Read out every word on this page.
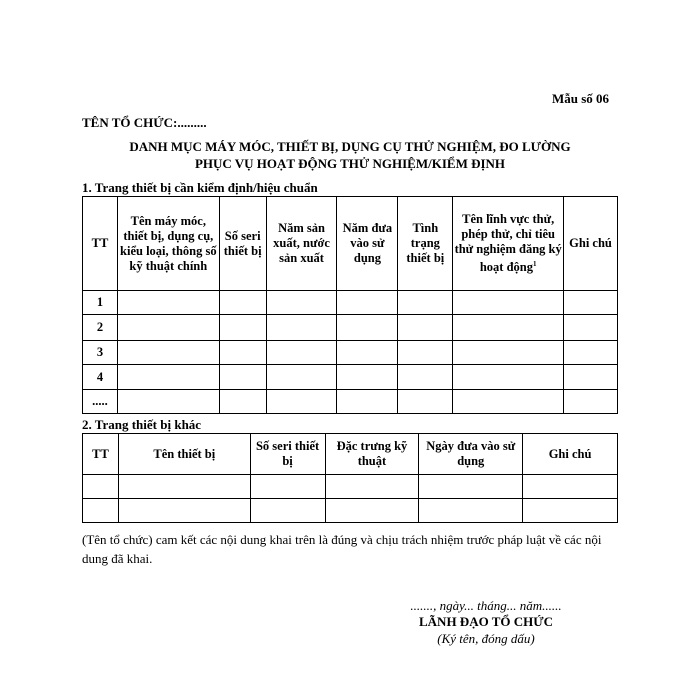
Mẫu số 06
TÊN TỔ CHỨC:.........
DANH MỤC MÁY MÓC, THIẾT BỊ, DỤNG CỤ THỬ NGHIỆM, ĐO LƯỜNG
PHỤC VỤ HOẠT ĐỘNG THỬ NGHIỆM/KIỂM ĐỊNH
1. Trang thiết bị cần kiểm định/hiệu chuẩn
TT	Tên máy móc, thiết bị, dụng cụ, kiểu loại, thông số kỹ thuật chính	Số seri thiết bị	Năm sản xuất, nước sản xuất	Năm đưa vào sử dụng	Tình trạng thiết bị	Tên lĩnh vực thử, phép thử, chỉ tiêu thử nghiệm đăng ký hoạt động$^1$	Ghi chú
1							
2							
3							
4							
.....							
2. Trang thiết bị khác
TT	Tên thiết bị	Số seri thiết bị	Đặc trưng kỹ thuật	Ngày đưa vào sử dụng	Ghi chú

(Tên tổ chức) cam kết các nội dung khai trên là đúng và chịu trách nhiệm trước pháp luật về các nội dung đã khai.
......., ngày... tháng... năm......
LÃNH ĐẠO TỔ CHỨC
(Ký tên, đóng dấu)
